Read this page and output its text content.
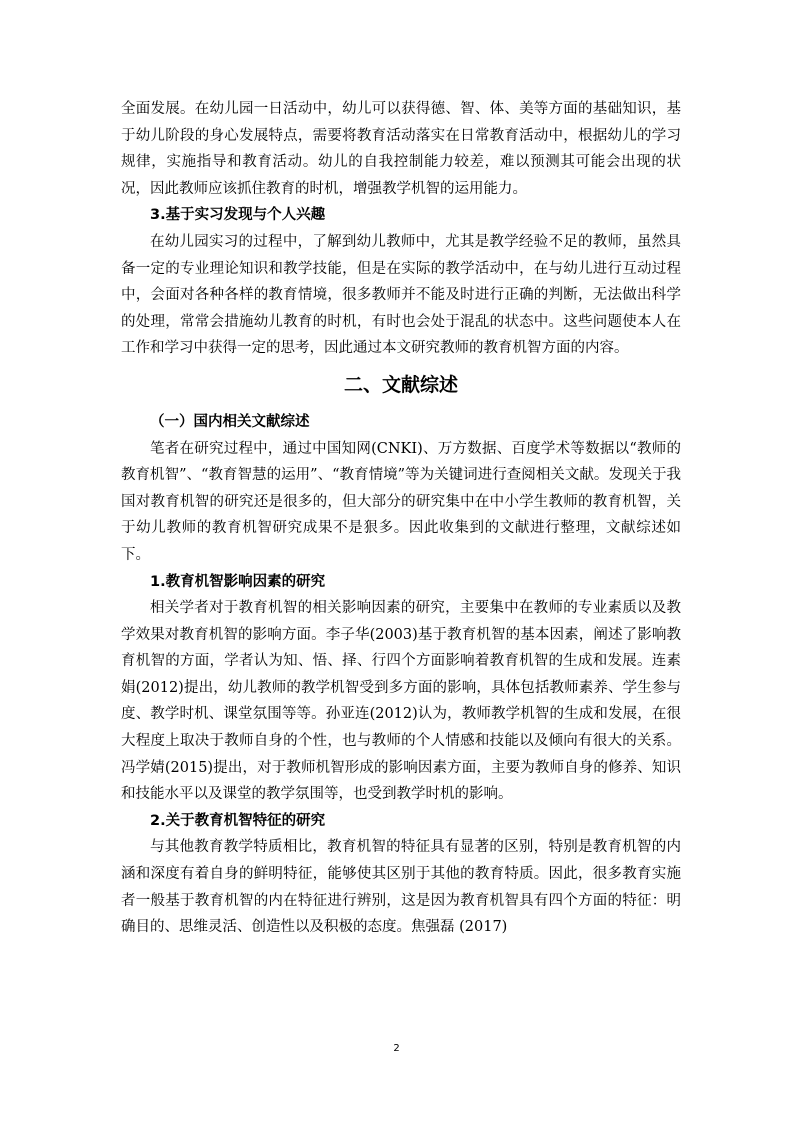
全面发展。在幼儿园一日活动中，幼儿可以获得德、智、体、美等方面的基础知识，基于幼儿阶段的身心发展特点，需要将教育活动落实在日常教育活动中，根据幼儿的学习规律，实施指导和教育活动。幼儿的自我控制能力较差，难以预测其可能会出现的状况，因此教师应该抓住教育的时机，增强教学机智的运用能力。

3.基于实习发现与个人兴趣

在幼儿园实习的过程中，了解到幼儿教师中，尤其是教学经验不足的教师，虽然具备一定的专业理论知识和教学技能，但是在实际的教学活动中，在与幼儿进行互动过程中，会面对各种各样的教育情境，很多教师并不能及时进行正确的判断，无法做出科学的处理，常常会措施幼儿教育的时机，有时也会处于混乱的状态中。这些问题使本人在工作和学习中获得一定的思考，因此通过本文研究教师的教育机智方面的内容。

二、文献综述

（一）国内相关文献综述

笔者在研究过程中，通过中国知网(CNKI)、万方数据、百度学术等数据以“教师的教育机智”、“教育智慧的运用”、“教育情境”等为关键词进行查阅相关文献。发现关于我国对教育机智的研究还是很多的，但大部分的研究集中在中小学生教师的教育机智，关于幼儿教师的教育机智研究成果不是狠多。因此收集到的文献进行整理，文献综述如下。

1.教育机智影响因素的研究

相关学者对于教育机智的相关影响因素的研究，主要集中在教师的专业素质以及教学效果对教育机智的影响方面。李子华(2003)基于教育机智的基本因素，阐述了影响教育机智的方面，学者认为知、悟、择、行四个方面影响着教育机智的生成和发展。连素娟(2012)提出，幼儿教师的教学机智受到多方面的影响，具体包括教师素养、学生参与度、教学时机、课堂氛围等等。孙亚连(2012)认为，教师教学机智的生成和发展，在很大程度上取决于教师自身的个性，也与教师的个人情感和技能以及倾向有很大的关系。冯学婧(2015)提出，对于教师机智形成的影响因素方面，主要为教师自身的修养、知识和技能水平以及课堂的教学氛围等，也受到教学时机的影响。

2.关于教育机智特征的研究

与其他教育教学特质相比，教育机智的特征具有显著的区别，特别是教育机智的内涵和深度有着自身的鲜明特征，能够使其区别于其他的教育特质。因此，很多教育实施者一般基于教育机智的内在特征进行辨别，这是因为教育机智具有四个方面的特征：明确目的、思维灵活、创造性以及积极的态度。焦强磊 (2017)

2
